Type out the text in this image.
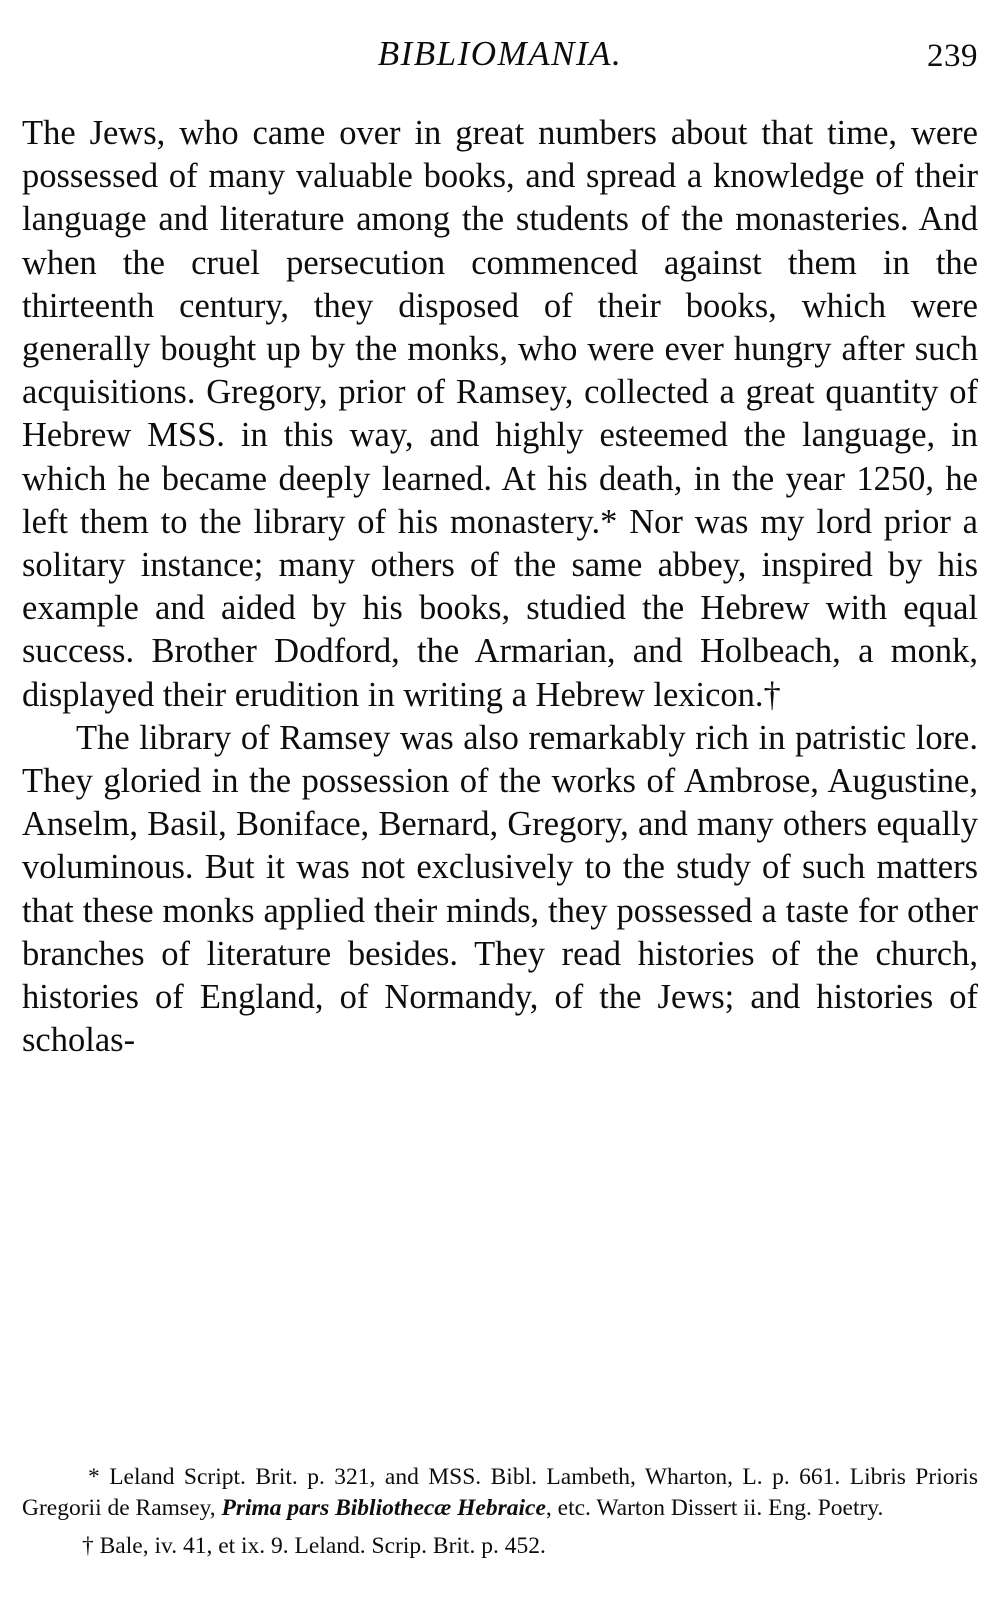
BIBLIOMANIA.	239

The Jews, who came over in great numbers about that time, were possessed of many valuable books, and spread a knowledge of their language and literature among the students of the monasteries. And when the cruel persecution commenced against them in the thirteenth century, they disposed of their books, which were generally bought up by the monks, who were ever hungry after such acquisitions. Gregory, prior of Ramsey, collected a great quantity of Hebrew MSS. in this way, and highly esteemed the language, in which he became deeply learned. At his death, in the year 1250, he left them to the library of his monastery.* Nor was my lord prior a solitary instance; many others of the same abbey, inspired by his example and aided by his books, studied the Hebrew with equal success. Brother Dodford, the Armarian, and Holbeach, a monk, displayed their erudition in writing a Hebrew lexicon.†

The library of Ramsey was also remarkably rich in patristic lore. They gloried in the possession of the works of Ambrose, Augustine, Anselm, Basil, Boniface, Bernard, Gregory, and many others equally voluminous. But it was not exclusively to the study of such matters that these monks applied their minds, they possessed a taste for other branches of literature besides. They read histories of the church, histories of England, of Normandy, of the Jews; and histories of scholas-

* Leland Script. Brit. p. 321, and MSS. Bibl. Lambeth, Wharton, L. p. 661. Libris Prioris Gregorii de Ramsey, Prima pars Bibliothecæ Hebraice, etc. Warton Dissert ii. Eng. Poetry.

† Bale, iv. 41, et ix. 9. Leland. Scrip. Brit. p. 452.
